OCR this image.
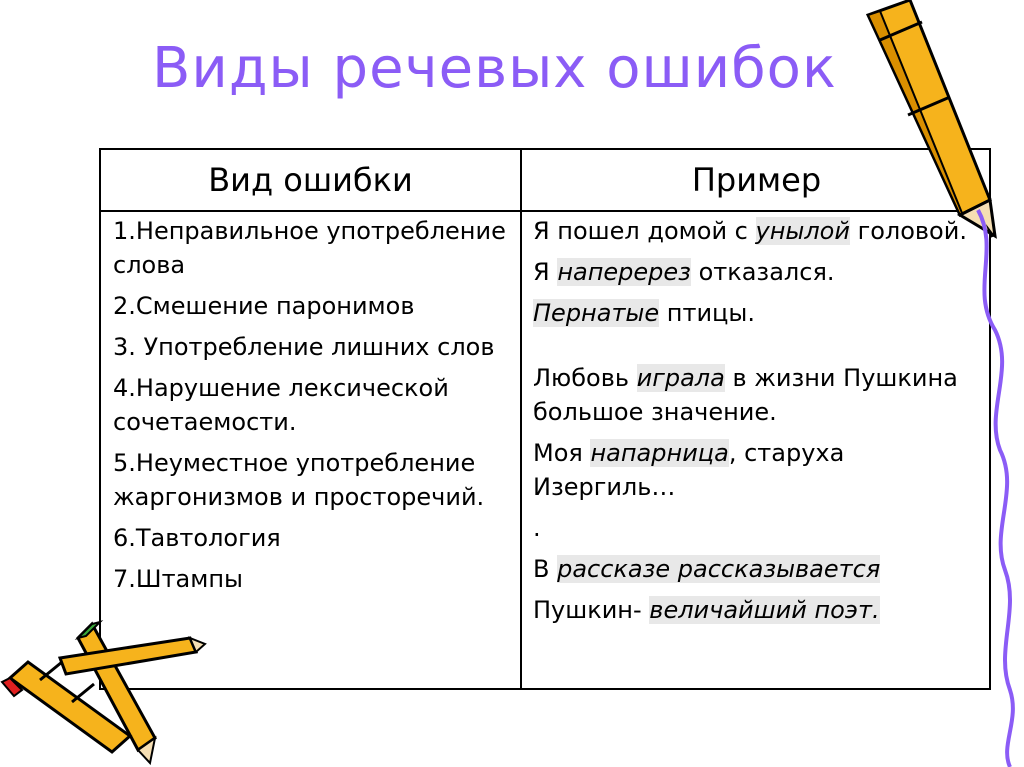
Виды речевых ошибок
Вид ошибки	Пример
1.Неправильное употребление слова
2.Смешение паронимов
3. Употребление лишних слов
4.Нарушение лексической сочетаемости.
5.Неуместное употребление жаргонизмов и просторечий.
6.Тавтология
7.Штампы
Я пошел домой с унылой головой.
Я наперерез отказался.
Пернатые птицы.
Любовь играла в жизни Пушкина большое значение.
Моя напарница, старуха Изергиль…
.
В рассказе рассказывается
Пушкин- величайший поэт.
